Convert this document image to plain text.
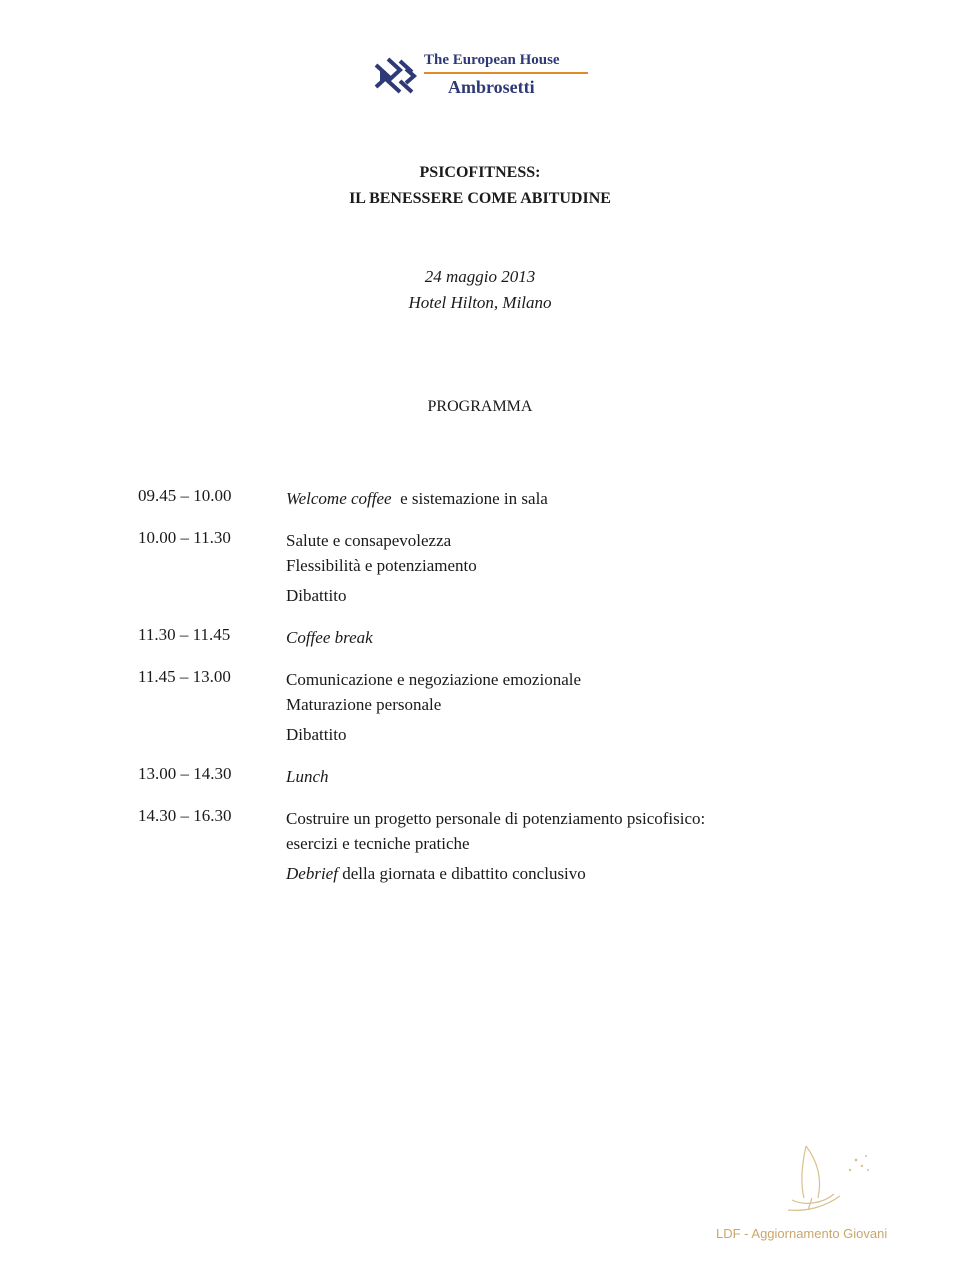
The European House
Ambrosetti
PSICOFITNESS:
IL BENESSERE COME ABITUDINE
24 maggio 2013
Hotel Hilton, Milano
PROGRAMMA
09.45 – 10.00	Welcome coffee  e sistemazione in sala
10.00 – 11.30	Salute e consapevolezza
Flessibilità e potenziamento
Dibattito
11.30 – 11.45	Coffee break
11.45 – 13.00	Comunicazione e negoziazione emozionale
Maturazione personale
Dibattito
13.00 – 14.30	Lunch
14.30 – 16.30	Costruire un progetto personale di potenziamento psicofisico:
esercizi e tecniche pratiche
Debrief della giornata e dibattito conclusivo
LDF - Aggiornamento Giovani
